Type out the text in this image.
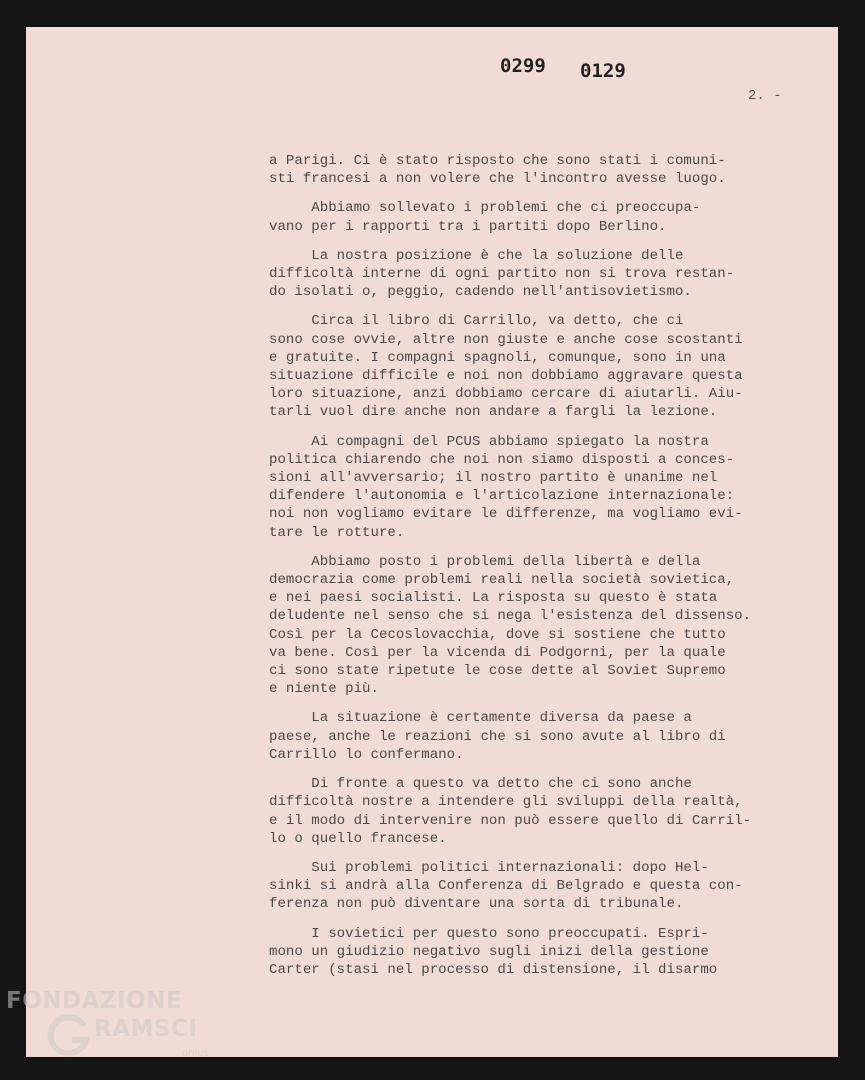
0299 0129
2. -
a Parigi. Ci è stato risposto che sono stati i comuni-
sti francesi a non volere che l'incontro avesse luogo.
Abbiamo sollevato i problemi che ci preoccupa-
vano per i rapporti tra i partiti dopo Berlino.
La nostra posizione è che la soluzione delle
difficoltà interne di ogni partito non si trova restan-
do isolati o, peggio, cadendo nell'antisovietismo.
Circa il libro di Carrillo, va detto, che ci
sono cose ovvie, altre non giuste e anche cose scostanti
e gratuite. I compagni spagnoli, comunque, sono in una
situazione difficile e noi non dobbiamo aggravare questa
loro situazione, anzi dobbiamo cercare di aiutarli. Aiu-
tarli vuol dire anche non andare a fargli la lezione.
Ai compagni del PCUS abbiamo spiegato la nostra
politica chiarendo che noi non siamo disposti a conces-
sioni all'avversario; il nostro partito è unanime nel
difendere l'autonomia e l'articolazione internazionale:
noi non vogliamo evitare le differenze, ma vogliamo evi-
tare le rotture.
Abbiamo posto i problemi della libertà e della
democrazia come problemi reali nella società sovietica,
e nei paesi socialisti. La risposta su questo è stata
deludente nel senso che si nega l'esistenza del dissenso.
Così per la Cecoslovacchia, dove si sostiene che tutto
va bene. Così per la vicenda di Podgorni, per la quale
ci sono state ripetute le cose dette al Soviet Supremo
e niente più.
La situazione è certamente diversa da paese a
paese, anche le reazioni che si sono avute al libro di
Carrillo lo confermano.
Di fronte a questo va detto che ci sono anche
difficoltà nostre a intendere gli sviluppi della realtà,
e il modo di intervenire non può essere quello di Carril-
lo o quello francese.
Sui problemi politici internazionali: dopo Hel-
sinki si andrà alla Conferenza di Belgrado e questa con-
ferenza non può diventare una sorta di tribunale.
I sovietici per questo sono preoccupati. Espri-
mono un giudizio negativo sugli inizi della gestione
Carter (stasi nel processo di distensione, il disarmo
FONDAZIONE
RAMSCI
onlus
